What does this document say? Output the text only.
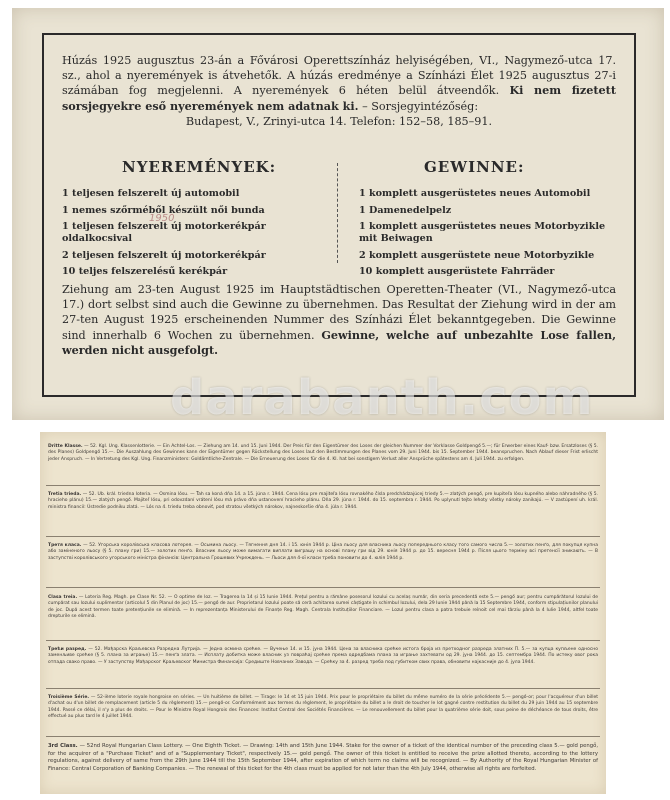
Húzás 1925 augusztus 23-án a Fővárosi Operettszínház helyiségében, VI., Nagymező-utca 17. sz., ahol a nyeremények is átvehetők. A húzás eredménye a Színházi Élet 1925 augusztus 27-i számában fog megjelenni. A nyeremények 6 héten belül átveendők. Ki nem fizetett sorsjegyekre eső nyeremények nem adatnak ki. – Sorsjegyintézőség:
Budapest, V., Zrinyi-utca 14. Telefon: 152–58, 185–91.

NYEREMÉNYEK:	GEWINNE:
1 teljesen felszerelt új automobil
1 nemes szőrméből készült női bunda
1 teljesen felszerelt új motorkerékpár oldalkocsival
2 teljesen felszerelt új motorkerékpár
10 teljes felszerelésű kerékpár
1 komplett ausgerüstetes neues Automobil
1 Damenedelpelz
1 komplett ausgerüstetes neues Motorbyzikle mit Beiwagen
2 komplett ausgerüstete neue Motorbyzikle
10 komplett ausgerüstete Fahrräder
1950

Ziehung am 23-ten August 1925 im Hauptstädtischen Operetten-Theater (VI., Nagymező-utca 17.) dort selbst sind auch die Gewinne zu übernehmen. Das Resultat der Ziehung wird in der am 27-ten August 1925 erscheinenden Nummer des Színházi Élet bekanntgegeben. Die Gewinne sind innerhalb 6 Wochen zu übernehmen. Gewinne, welche auf unbezahlte Lose fallen, werden nicht ausgefolgt.

Dritte Klasse. — 52. Kgl. Ung. Klassenlotterie. — Ein Achtel-Los. — Ziehung am 14. und 15. Juni 1944. Der Preis für den Eigentümer des Loses der gleichen Nummer der Vorklasse Goldpengő 5.—; für Erwerber eines Kauf- bzw. Ersatzloses (§ 5. des Planes) Goldpengő 15.—. Die Auszahlung des Gewinnes kann der Eigentümer gegen Rückstellung des Loses laut den Bestimmungen des Planes vom 29. Juni 1944. bis 15. September 1944. beanspruchen. Nach Ablauf dieser Frist erlischt jeder Anspruch. — In Vertretung des Kgl. Ung. Finanzministers: Goldämtliche-Zentrale. — Die Erneuerung des Loses für die 4. Kl. hat bei sonstigem Verlust aller Ansprüche spätestens am 4. Juli 1944. zu erfolgen.

Tretia trieda. — 52. Ub. král. triedna loteria. — Osmina lósu. — Ťah sa koná dňa 14. a 15. júna r. 1944. Cena lósu pre majiteľa lósu rovnakého čísla predchádzajúcej triedy 5.— zlatých pengő, pre kupiteľa lósu kupného alebo náhradného (§ 5. hracieho plánu) 15.— zlatých pengő. Majiteľ lósu, pri odovzdaní vrátení lósu má právo dňa ustanovení hracieho plánu. Dňa 29. júna r. 1944. do 15. septembra r. 1944. Po uplynutí tejto lehoty všetky nároky zanikajú. — V zastúpení uh. král. ministra financií: Ústredie podniku zlatá. — Lós na 4. triedu treba obnoviť, pod stratou všetkých nárokov, najneskoršie dňa 4. júla r. 1944.

Третя класа. — 52. Угорська королівська класова лотерея. — Осьмина льосу. — Тягнення дня 14. і 15. юнія 1944 р. Ціна льосу для власника льосу попереднього класу того самого числа 5.— золотих пенґо, для покупця купна або заміненого льосу (§ 5. плану гри) 15.— золотих пенґо. Власник льосу може вимагати виплати виграшу на основі плану гри від 29. юнія 1944 р. до 15. вересня 1944 р. Після цього терміну всі претенсії зникають. — В заступстві королівського угорського міністра фінансів: Центральна Грошевих Учреждень. — Льоси для 4-ої класи треба поновити до 4. юлія 1944 р.

Clasa treia. — Loteria Reg. Magh. pe Clase Nr. 52. — O optime de loz. — Tragerea la 14 și 15 Iunie 1944. Prețul pentru a rămâne posesorul lozului cu acelaș număr, din seria precedentă este 5.— pengő aur; pentru cumpărătorul lozului de cumpărat sau lozului suplimentar (articolul 5 din Planul de joc) 15.— pengő de aur. Proprietarul lozului poate să ceră achitarea sumei câștigate în schimbul lozului, dela 29 Iunie 1944 până la 15 Septembre 1944, conform stipulațiunilor planului de joc. După acest termen toate pretențiunile se elimină. — In reprezentanța Ministerului de Finanțe Reg. Magh. Centrala Instituțiilor Financiare. — Lozul pentru clasa a patra trebuie reînoit cel mai târziu până la 4 Iulie 1944, altfel toate drepturile se elimină.

Трећи разред. — 52. Мађарска Краљевска Разредна Лутрија. — Једна осмина срећке. — Вучење 14. и 15. јуна 1944. Цена за власника срећке истога броја из претходног разреда златних П. 5.— за купца купљене односно заменљиве срећке (§ 5. плана за играње) 15.— пенґа злата. — Исплату добитка може власник уз повраћај срећке према одредбама плана за играње захтевати од 29. јуна 1944. до 15. септембра 1944. По истеку овог рока отпада свако право. — У заступству Мађарског Краљевског Министра Финансија: Средиште Новчаних Завода. — Срећку за 4. разред треба под губитком свих права, обновити најкасније до 4. јула 1944.

Troisième Série. — 52-ième loterie royale hongroise en séries. — Un huitième de billet. — Tirage: le 14 et 15 juin 1944. Prix pour le propriétaire du billet du même numéro de la série précédente 5.— pengő-or; pour l'acquéreur d'un billet d'achat ou d'un billet de remplacement (article 5 du règlement) 15.— pengő-or. Conformément aux termes du règlement, le propriétaire du billet a le droit de toucher le lot gagné contre restitution du billet du 29 juin 1944 au 15 septembre 1944. Passé ce délai, il n'y a plus de droits. — Pour le Ministre Royal Hongrois des Finances: Institut Central des Sociétés Financières. — Le renouvellement du billet pour la quatrième série doit, sous peine de déchéance de tous droits, être effectué au plus tard le 4 juillet 1944.

3rd Class. — 52nd Royal Hungarian Class Lottery. — One Eighth Ticket. — Drawing: 14th and 15th June 1944. Stake for the owner of a ticket of the identical number of the preceding class 5.— gold pengő, for the acquirer of a "Purchase Ticket" and of a "Supplementary Ticket", respectively 15.— gold pengő. The owner of this ticket is entitled to receive the prize allotted thereto, according to the lottery regulations, against delivery of same from the 29th June 1944 till the 15th September 1944, after expiration of which term no claims will be recognized. — By Authority of the Royal Hungarian Minister of Finance: Central Corporation of Banking Companies. — The renewal of this ticket for the 4th class must be applied for not later than the 4th July 1944, otherwise all rights are forfeited.

darabanth.com
